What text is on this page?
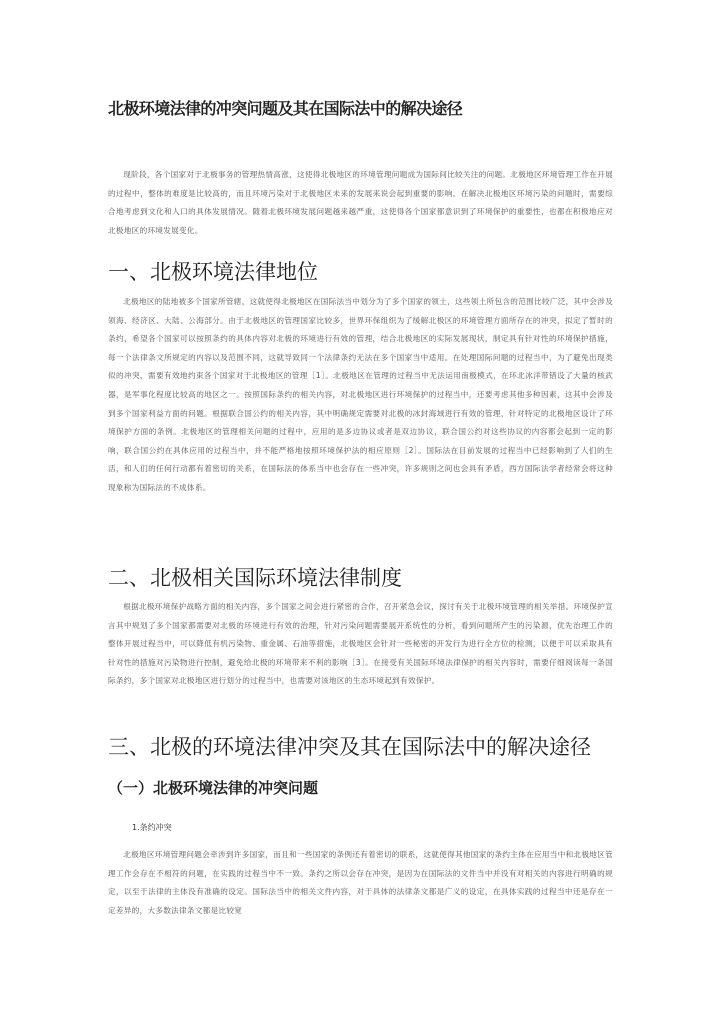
北极环境法律的冲突问题及其在国际法中的解决途径

现阶段，各个国家对于北极事务的管理热情高涨，这使得北极地区的环境管理问题成为国际间比较关注的问题。北极地区环境管理工作在开展的过程中，整体的难度是比较高的，而且环境污染对于北极地区未来的发展来说会起到重要的影响。在解决北极地区环境污染的问题时，需要综合地考虑到文化和人口的具体发展情况。随着北极环境发展问题越来越严重，这使得各个国家都意识到了环境保护的重要性，也都在积极地应对北极地区的环境发展变化。

一、北极环境法律地位

北极地区的陆地被多个国家所管辖，这就使得北极地区在国际法当中划分为了多个国家的领土，这些领土所包含的范围比较广泛，其中会涉及领海、经济区、大陆、公海部分。由于北极地区的管理国家比较多，世界环保组织为了缓解北极区的环境管理方面所存在的冲突，拟定了暂时的条约，希望各个国家可以按照条约的具体内容对北极的环境进行有效的管理，结合北极地区的实际发展现状，制定具有针对性的环境保护措施，每一个法律条文所规定的内容以及范围不同，这就导致同一个法律条约无法在多个国家当中适用。在处理国际问题的过程当中，为了避免出现类似的冲突，需要有效地约束各个国家对于北极地区的管理［1］。北极地区在管理的过程当中无法运用南极模式，在环北冰洋带错设了大量的核武器，是军事化程度比较高的地区之一。按照国际条约的相关内容，对北极地区进行环境保护的过程当中，还要考虑其他多种因素，这其中会涉及到多个国家利益方面的问题。根据联合国公约的相关内容，其中明确规定需要对北极的冰封海域进行有效的管理，针对特定的北极地区设计了环境保护方面的条例。北极地区的管理相关问题的过程中，应用的是多边协议或者是双边协议，联合国公约对这些协议的内容都会起到一定的影响，联合国公约在具体应用的过程当中，并不能严格地按照环境保护法的相应原则［2］。国际法在目前发展的过程当中已经影响到了人们的生活，和人们的任何行动都有着密切的关系，在国际法的体系当中也会存在一些冲突，许多规则之间也会具有矛盾，西方国际法学者经常会将这种现象称为国际法的不成体系。

二、北极相关国际环境法律制度

根据北极环境保护战略方面的相关内容，多个国家之间会进行紧密的合作，召开紧急会议，探讨有关于北极环境管理的相关举措。环境保护宣言其中规划了多个国家都需要对北极的环境进行有效的治理，针对污染问题需要展开系统性的分析，看到问题所产生的污染源，优先治理工作的整体开展过程当中，可以降低有机污染物、重金属、石油等措施，北极地区会针对一些秘密的开发行为进行全方位的检测，以便于可以采取具有针对性的措施对污染物进行控制，避免给北极的环境带来不利的影响［3］。在接受有关国际环境法律保护的相关内容时，需要仔细阅读每一条国际条约，多个国家对北极地区进行划分的过程当中，也需要对该地区的生态环境起到有效保护。

三、北极的环境法律冲突及其在国际法中的解决途径
（一）北极环境法律的冲突问题

1.条约冲突

北极地区环境管理问题会牵涉到许多国家，而且和一些国家的条例还有着密切的联系，这就使得其他国家的条约主体在应用当中和北极地区管理工作会存在不相符的问题，在实践的过程当中不一致。条约之所以会存在冲突，是因为在国际法的文件当中并没有对相关的内容进行明确的规定，以至于法律的主体没有准确的设定。国际法当中的相关文件内容，对于具体的法律条文都是广义的设定，在具体实践的过程当中还是存在一定差异的，大多数法律条文都是比较宽
